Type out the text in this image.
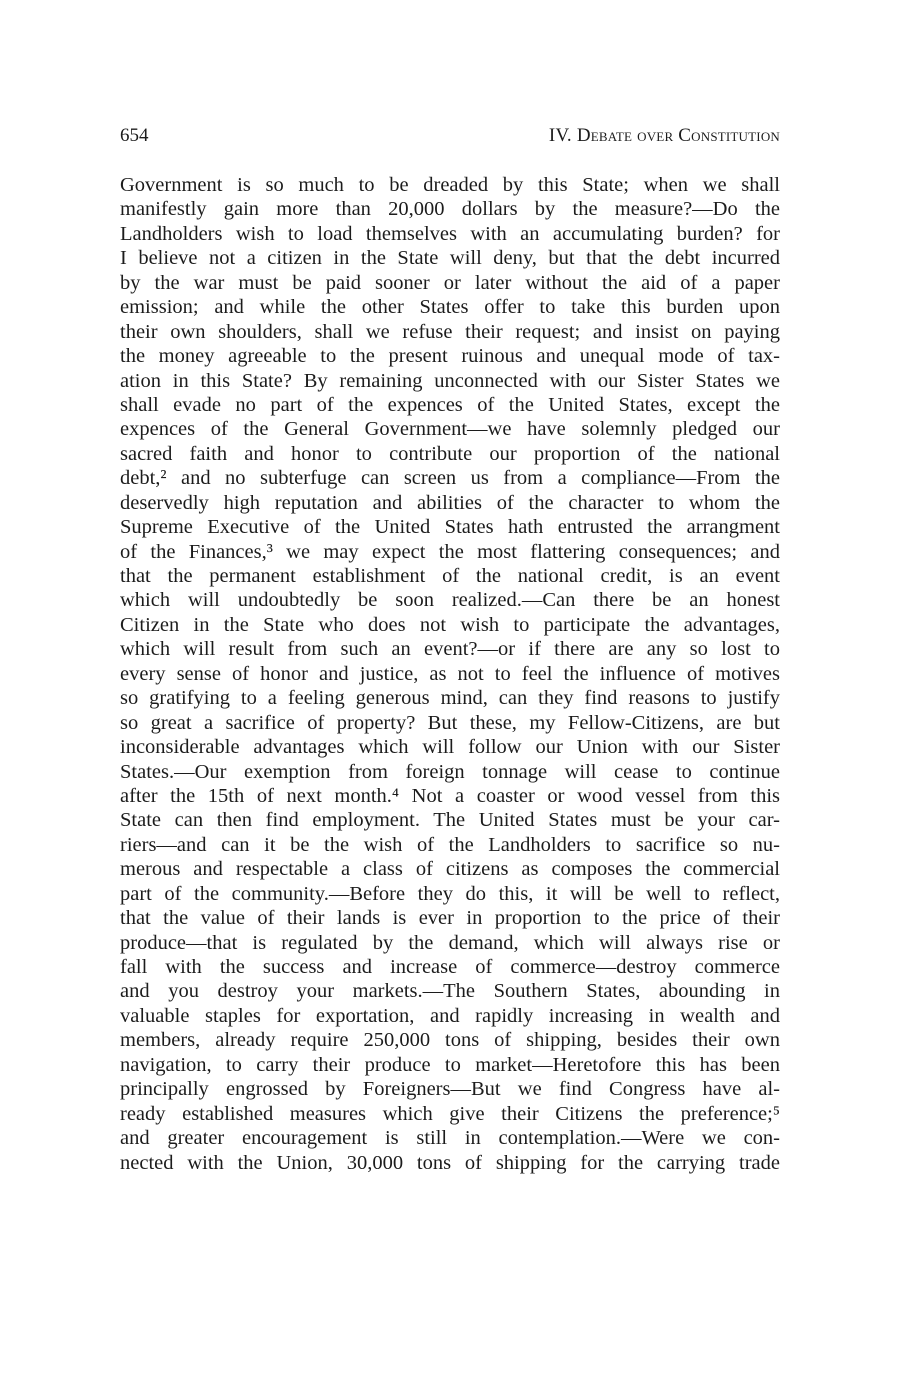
654	IV. Debate over Constitution
Government is so much to be dreaded by this State; when we shall
manifestly gain more than 20,000 dollars by the measure?—Do the
Landholders wish to load themselves with an accumulating burden? for
I believe not a citizen in the State will deny, but that the debt incurred
by the war must be paid sooner or later without the aid of a paper
emission; and while the other States offer to take this burden upon
their own shoulders, shall we refuse their request; and insist on paying
the money agreeable to the present ruinous and unequal mode of tax-
ation in this State? By remaining unconnected with our Sister States we
shall evade no part of the expences of the United States, except the
expences of the General Government—we have solemnly pledged our
sacred faith and honor to contribute our proportion of the national
debt,² and no subterfuge can screen us from a compliance—From the
deservedly high reputation and abilities of the character to whom the
Supreme Executive of the United States hath entrusted the arrangment
of the Finances,³ we may expect the most flattering consequences; and
that the permanent establishment of the national credit, is an event
which will undoubtedly be soon realized.—Can there be an honest
Citizen in the State who does not wish to participate the advantages,
which will result from such an event?—or if there are any so lost to
every sense of honor and justice, as not to feel the influence of motives
so gratifying to a feeling generous mind, can they find reasons to justify
so great a sacrifice of property? But these, my Fellow-Citizens, are but
inconsiderable advantages which will follow our Union with our Sister
States.—Our exemption from foreign tonnage will cease to continue
after the 15th of next month.⁴ Not a coaster or wood vessel from this
State can then find employment. The United States must be your car-
riers—and can it be the wish of the Landholders to sacrifice so nu-
merous and respectable a class of citizens as composes the commercial
part of the community.—Before they do this, it will be well to reflect,
that the value of their lands is ever in proportion to the price of their
produce—that is regulated by the demand, which will always rise or
fall with the success and increase of commerce—destroy commerce
and you destroy your markets.—The Southern States, abounding in
valuable staples for exportation, and rapidly increasing in wealth and
members, already require 250,000 tons of shipping, besides their own
navigation, to carry their produce to market—Heretofore this has been
principally engrossed by Foreigners—But we find Congress have al-
ready established measures which give their Citizens the preference;⁵
and greater encouragement is still in contemplation.—Were we con-
nected with the Union, 30,000 tons of shipping for the carrying trade
